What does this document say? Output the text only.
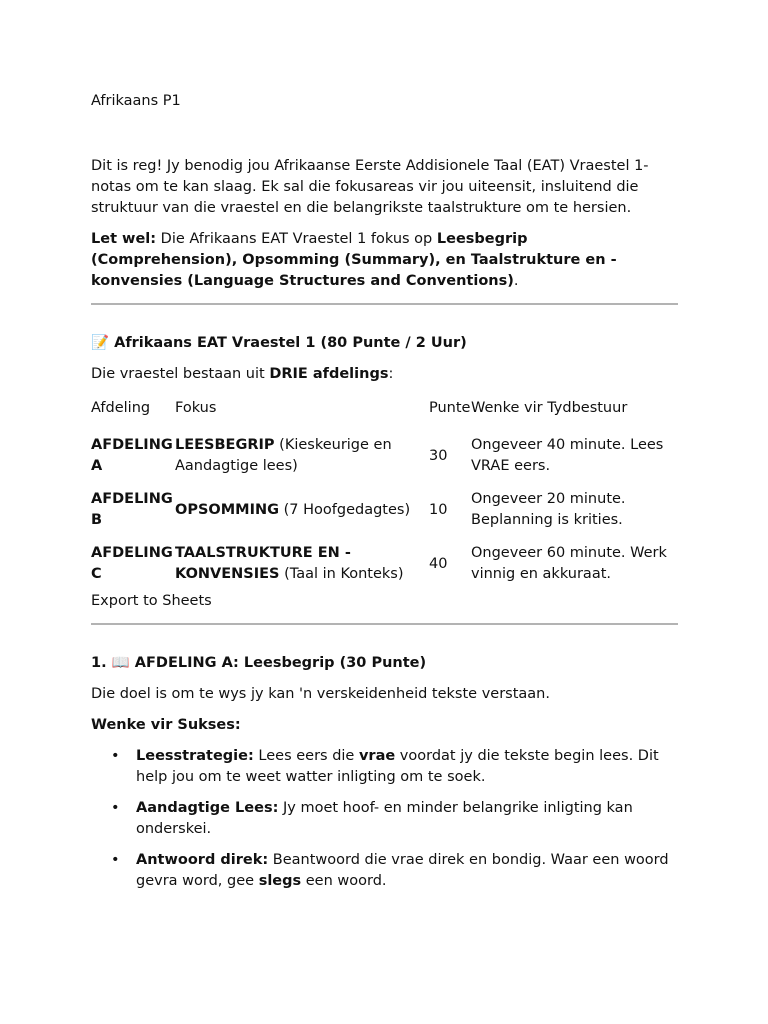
Afrikaans P1

Dit is reg! Jy benodig jou Afrikaanse Eerste Addisionele Taal (EAT) Vraestel 1-notas om te kan slaag. Ek sal die fokusareas vir jou uiteensit, insluitend die struktuur van die vraestel en die belangrikste taalstrukture om te hersien.

Let wel: Die Afrikaans EAT Vraestel 1 fokus op Leesbegrip (Comprehension), Opsomming (Summary), en Taalstrukture en -konvensies (Language Structures and Conventions).

📝 Afrikaans EAT Vraestel 1 (80 Punte / 2 Uur)

Die vraestel bestaan uit DRIE afdelings:

Afdeling	Fokus	Punte	Wenke vir Tydbestuur
AFDELING A	LEESBEGRIP (Kieskeurige en Aandagtige lees)	30	Ongeveer 40 minute. Lees VRAE eers.
AFDELING B	OPSOMMING (7 Hoofgedagtes)	10	Ongeveer 20 minute. Beplanning is krities.
AFDELING C	TAALSTRUKTURE EN -KONVENSIES (Taal in Konteks)	40	Ongeveer 60 minute. Werk vinnig en akkuraat.

Export to Sheets

1. 📖 AFDELING A: Leesbegrip (30 Punte)

Die doel is om te wys jy kan 'n verskeidenheid tekste verstaan.

Wenke vir Sukses:

• Leesstrategie: Lees eers die vrae voordat jy die tekste begin lees. Dit help jou om te weet watter inligting om te soek.
• Aandagtige Lees: Jy moet hoof- en minder belangrike inligting kan onderskei.
• Antwoord direk: Beantwoord die vrae direk en bondig. Waar een woord gevra word, gee slegs een woord.
